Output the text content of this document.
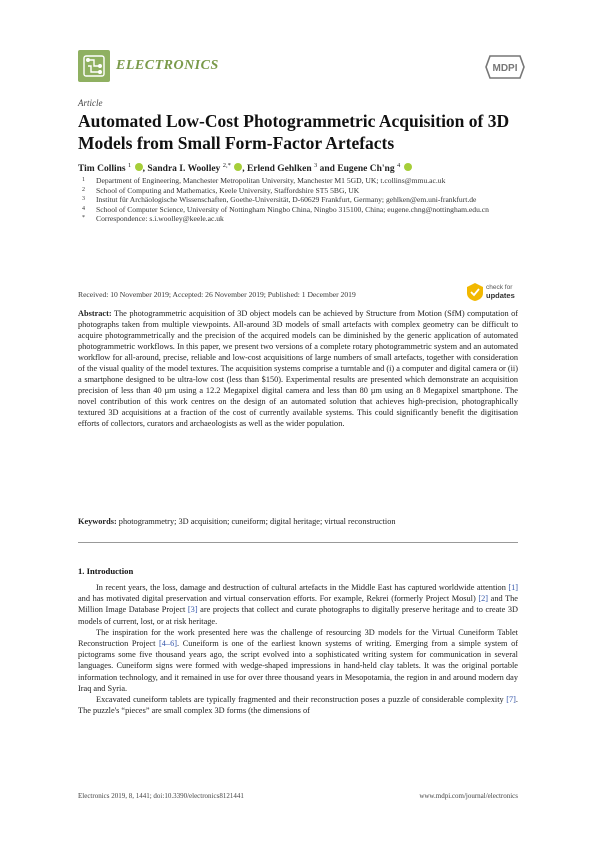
ELECTRONICS	MDPI
Article
Automated Low-Cost Photogrammetric Acquisition of 3D Models from Small Form-Factor Artefacts
Tim Collins $^1$ , Sandra I. Woolley $^{2,*}$ , Erlend Gehlken $^3$ and Eugene Ch'ng $^4$
1 Department of Engineering, Manchester Metropolitan University, Manchester M1 5GD, UK; t.collins@mmu.ac.uk
2 School of Computing and Mathematics, Keele University, Staffordshire ST5 5BG, UK
3 Institut für Archäologische Wissenschaften, Goethe-Universität, D-60629 Frankfurt, Germany; gehlken@em.uni-frankfurt.de
4 School of Computer Science, University of Nottingham Ningbo China, Ningbo 315100, China; eugene.chng@nottingham.edu.cn
* Correspondence: s.i.woolley@keele.ac.uk
Received: 10 November 2019; Accepted: 26 November 2019; Published: 1 December 2019
check for
updates

Abstract: The photogrammetric acquisition of 3D object models can be achieved by Structure from Motion (SfM) computation of photographs taken from multiple viewpoints. All-around 3D models of small artefacts with complex geometry can be difficult to acquire photogrammetrically and the precision of the acquired models can be diminished by the generic application of automated photogrammetric workflows. In this paper, we present two versions of a complete rotary photogrammetric system and an automated workflow for all-around, precise, reliable and low-cost acquisitions of large numbers of small artefacts, together with consideration of the visual quality of the model textures. The acquisition systems comprise a turntable and (i) a computer and digital camera or (ii) a smartphone designed to be ultra-low cost (less than $150). Experimental results are presented which demonstrate an acquisition precision of less than 40 µm using a 12.2 Megapixel digital camera and less than 80 µm using an 8 Megapixel smartphone. The novel contribution of this work centres on the design of an automated solution that achieves high-precision, photographically textured 3D acquisitions at a fraction of the cost of currently available systems. This could significantly benefit the digitisation efforts of collectors, curators and archaeologists as well as the wider population.

Keywords: photogrammetry; 3D acquisition; cuneiform; digital heritage; virtual reconstruction

1. Introduction

In recent years, the loss, damage and destruction of cultural artefacts in the Middle East has captured worldwide attention [1] and has motivated digital preservation and virtual conservation efforts. For example, Rekrei (formerly Project Mosul) [2] and The Million Image Database Project [3] are projects that collect and curate photographs to digitally preserve heritage and to create 3D models of current, lost, or at risk heritage.

The inspiration for the work presented here was the challenge of resourcing 3D models for the Virtual Cuneiform Tablet Reconstruction Project [4–6]. Cuneiform is one of the earliest known systems of writing. Emerging from a simple system of pictograms some five thousand years ago, the script evolved into a sophisticated writing system for communication in several languages. Cuneiform signs were formed with wedge-shaped impressions in hand-held clay tablets. It was the original portable information technology, and it remained in use for over three thousand years in Mesopotamia, the region in and around modern day Iraq and Syria.

Excavated cuneiform tablets are typically fragmented and their reconstruction poses a puzzle of considerable complexity [7]. The puzzle's “pieces” are small complex 3D forms (the dimensions of

Electronics 2019, 8, 1441; doi:10.3390/electronics8121441	www.mdpi.com/journal/electronics
